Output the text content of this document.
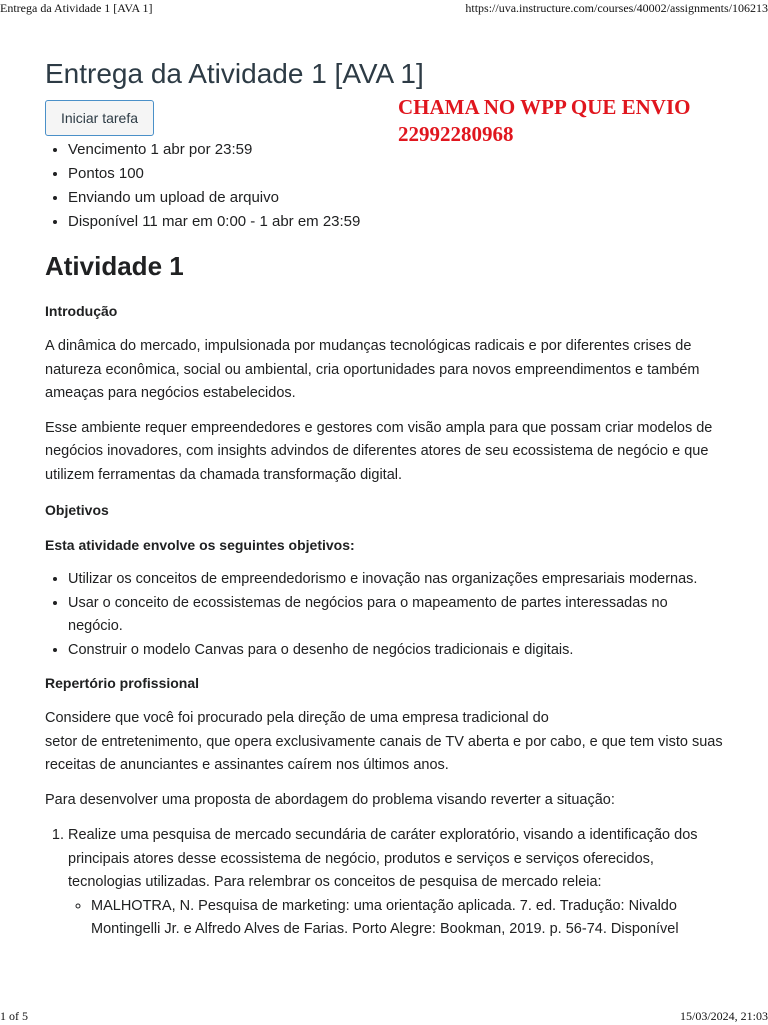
Entrega da Atividade 1 [AVA 1]	https://uva.instructure.com/courses/40002/assignments/106213
Entrega da Atividade 1 [AVA 1]
Iniciar tarefa
• Vencimento 1 abr por 23:59
• Pontos 100
• Enviando um upload de arquivo
• Disponível 11 mar em 0:00 - 1 abr em 23:59
Atividade 1
Introdução

A dinâmica do mercado, impulsionada por mudanças tecnológicas radicais e por diferentes crises de natureza econômica, social ou ambiental, cria oportunidades para novos empreendimentos e também ameaças para negócios estabelecidos.

Esse ambiente requer empreendedores e gestores com visão ampla para que possam criar modelos de negócios inovadores, com insights advindos de diferentes atores de seu ecossistema de negócio e que utilizem ferramentas da chamada transformação digital.

Objetivos
Esta atividade envolve os seguintes objetivos:
• Utilizar os conceitos de empreendedorismo e inovação nas organizações empresariais modernas.
• Usar o conceito de ecossistemas de negócios para o mapeamento de partes interessadas no negócio.
• Construir o modelo Canvas para o desenho de negócios tradicionais e digitais.
Repertório profissional

Considere que você foi procurado pela direção de uma empresa tradicional do
setor de entretenimento, que opera exclusivamente canais de TV aberta e por cabo, e que tem visto suas receitas de anunciantes e assinantes caírem nos últimos anos.

Para desenvolver uma proposta de abordagem do problema visando reverter a situação:

1. Realize uma pesquisa de mercado secundária de caráter exploratório, visando a identificação dos principais atores desse ecossistema de negócio, produtos e serviços e serviços oferecidos, tecnologias utilizadas. Para relembrar os conceitos de pesquisa de mercado releia:
◦ MALHOTRA, N. Pesquisa de marketing: uma orientação aplicada. 7. ed. Tradução: Nivaldo Montingelli Jr. e Alfredo Alves de Farias. Porto Alegre: Bookman, 2019. p. 56-74. Disponível
CHAMA NO WPP QUE ENVIO
22992280968
1 of 5	15/03/2024, 21:03
